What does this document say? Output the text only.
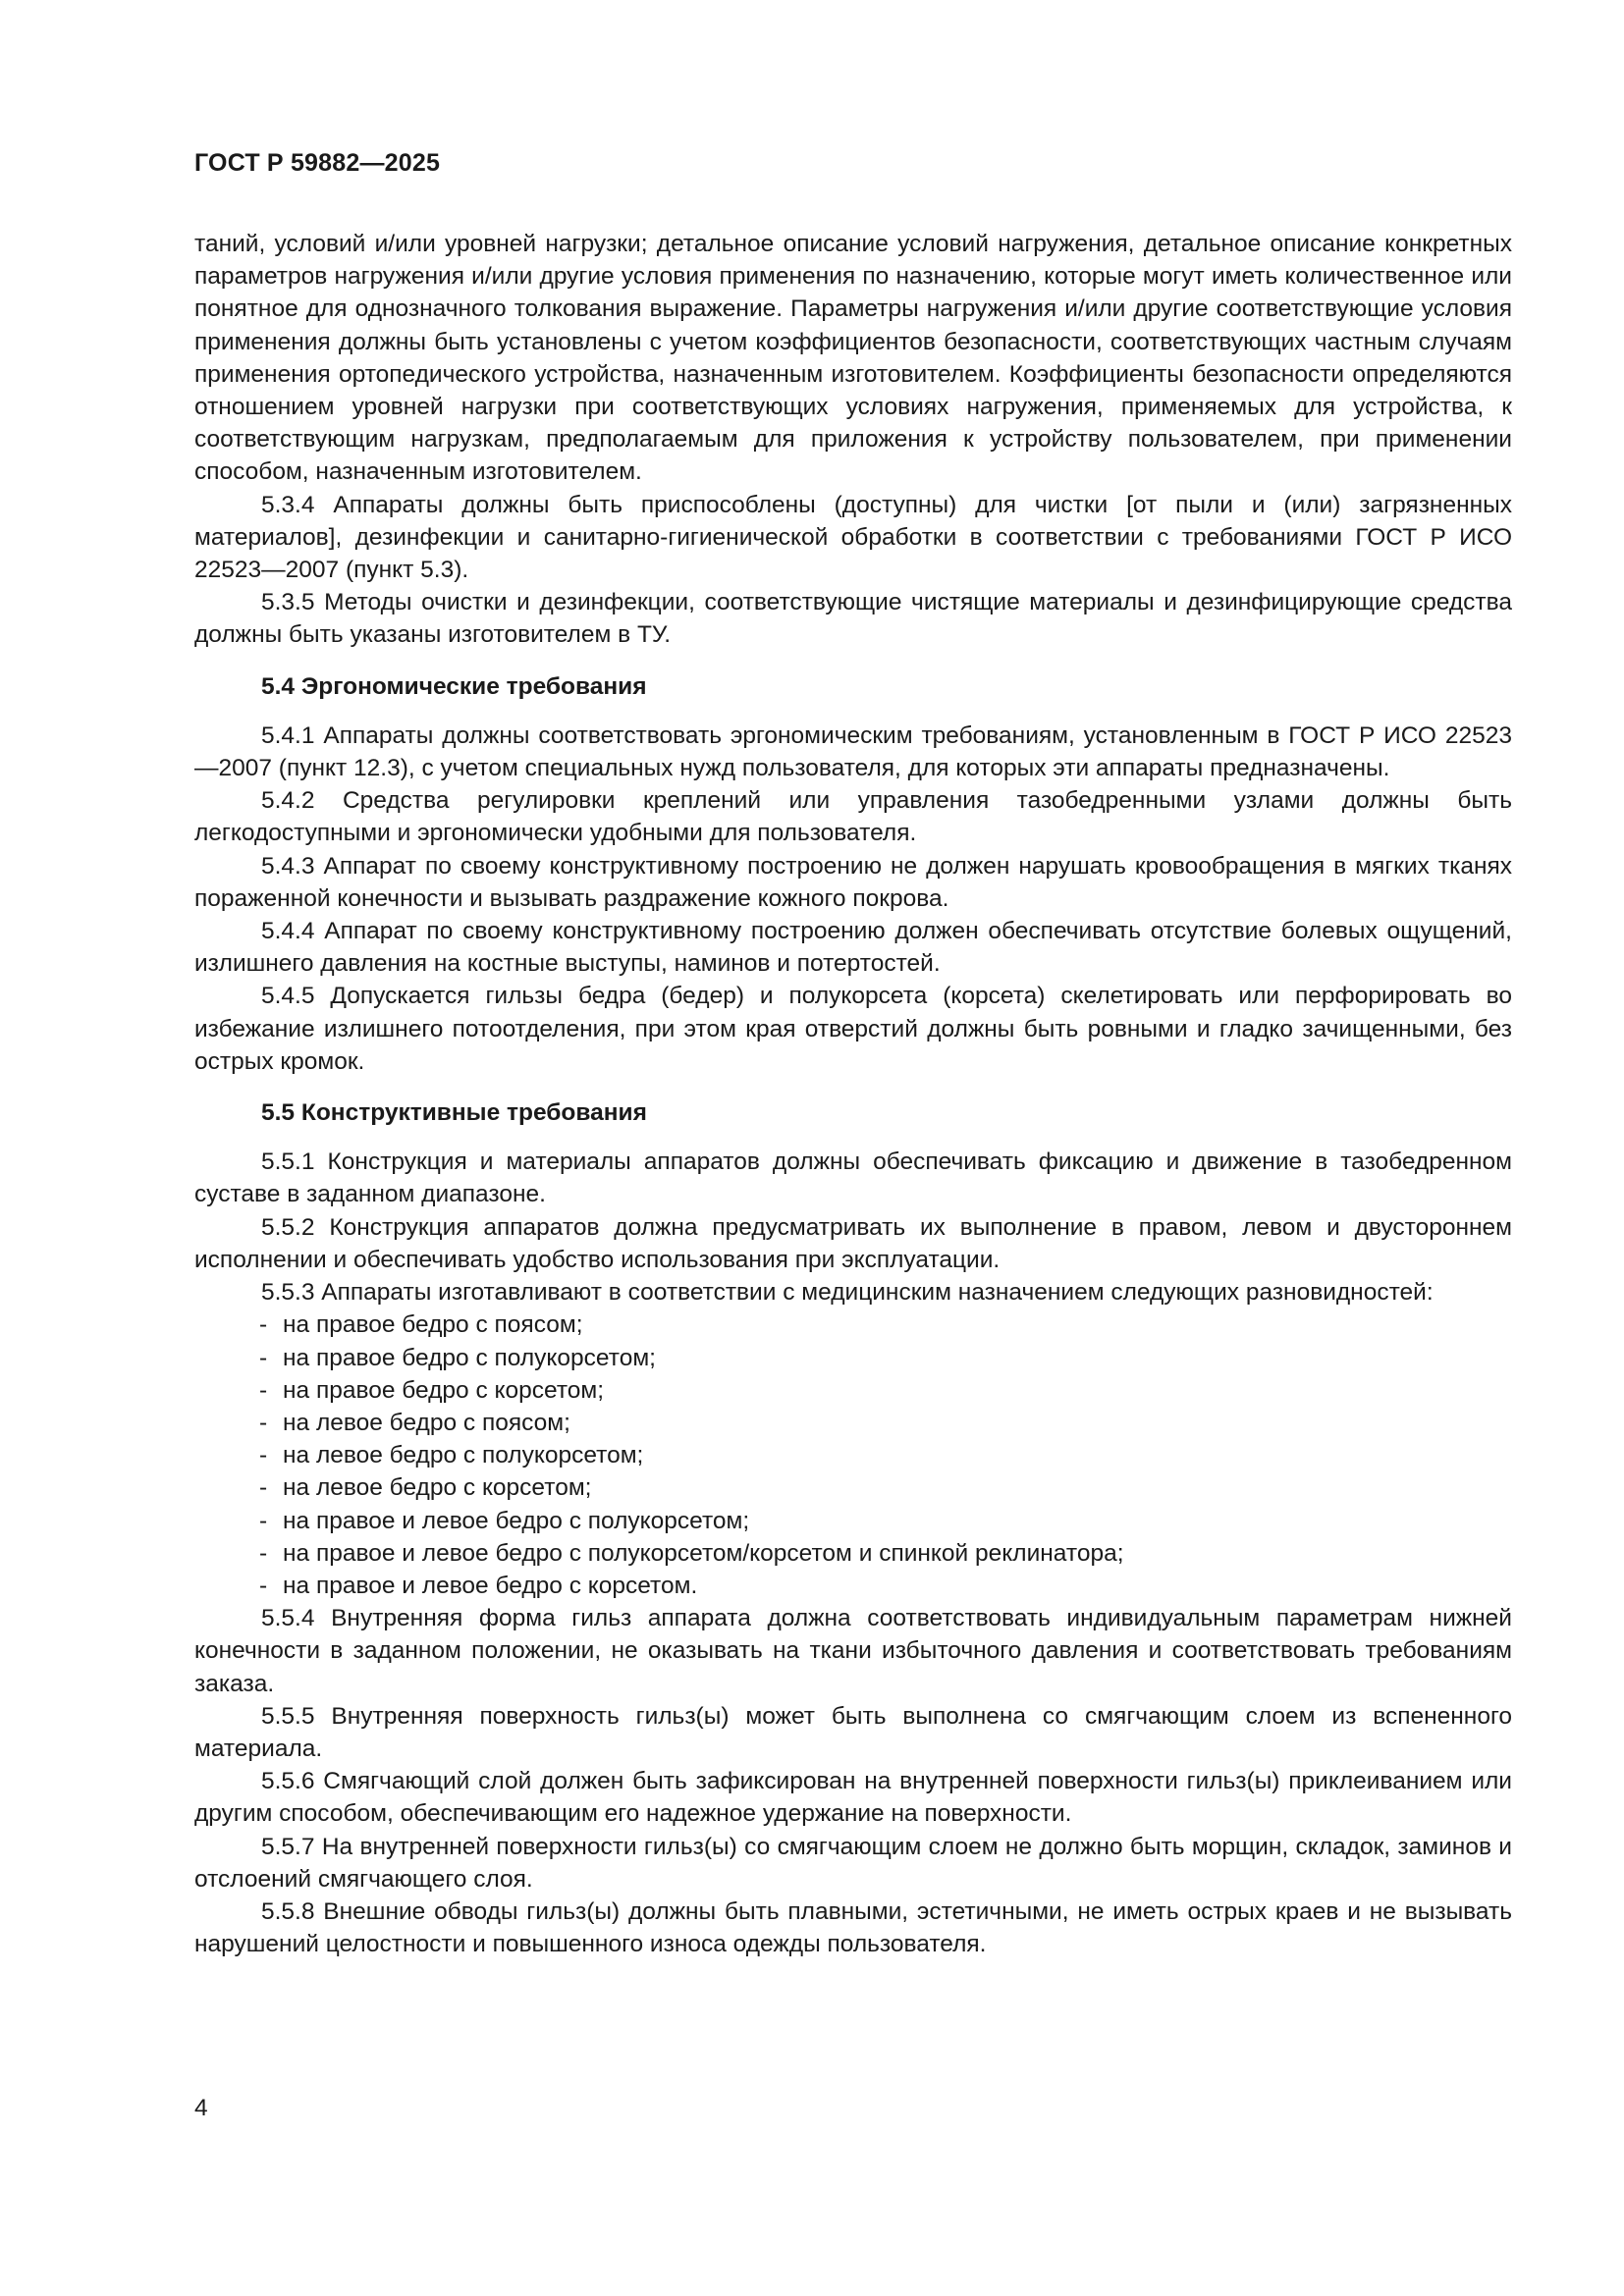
ГОСТ Р 59882—2025

таний, условий и/или уровней нагрузки; детальное описание условий нагружения, детальное описание конкретных параметров нагружения и/или другие условия применения по назначению, которые могут иметь количественное или понятное для однозначного толкования выражение. Параметры нагружения и/или другие соответствующие условия применения должны быть установлены с учетом коэффициентов безопасности, соответствующих частным случаям применения ортопедического устройства, назначенным изготовителем. Коэффициенты безопасности определяются отношением уровней нагрузки при соответствующих условиях нагружения, применяемых для устройства, к соответствующим нагрузкам, предполагаемым для приложения к устройству пользователем, при применении способом, назначенным изготовителем.

5.3.4 Аппараты должны быть приспособлены (доступны) для чистки [от пыли и (или) загрязненных материалов], дезинфекции и санитарно-гигиенической обработки в соответствии с требованиями ГОСТ Р ИСО 22523—2007 (пункт 5.3).

5.3.5 Методы очистки и дезинфекции, соответствующие чистящие материалы и дезинфицирующие средства должны быть указаны изготовителем в ТУ.

5.4 Эргономические требования

5.4.1 Аппараты должны соответствовать эргономическим требованиям, установленным в ГОСТ Р ИСО 22523—2007 (пункт 12.3), с учетом специальных нужд пользователя, для которых эти аппараты предназначены.

5.4.2 Средства регулировки креплений или управления тазобедренными узлами должны быть легкодоступными и эргономически удобными для пользователя.

5.4.3 Аппарат по своему конструктивному построению не должен нарушать кровообращения в мягких тканях пораженной конечности и вызывать раздражение кожного покрова.

5.4.4 Аппарат по своему конструктивному построению должен обеспечивать отсутствие болевых ощущений, излишнего давления на костные выступы, наминов и потертостей.

5.4.5 Допускается гильзы бедра (бедер) и полукорсета (корсета) скелетировать или перфорировать во избежание излишнего потоотделения, при этом края отверстий должны быть ровными и гладко зачищенными, без острых кромок.

5.5 Конструктивные требования

5.5.1 Конструкция и материалы аппаратов должны обеспечивать фиксацию и движение в тазобедренном суставе в заданном диапазоне.

5.5.2 Конструкция аппаратов должна предусматривать их выполнение в правом, левом и двустороннем исполнении и обеспечивать удобство использования при эксплуатации.

5.5.3 Аппараты изготавливают в соответствии с медицинским назначением следующих разновидностей:

- на правое бедро с поясом;
- на правое бедро с полукорсетом;
- на правое бедро с корсетом;
- на левое бедро с поясом;
- на левое бедро с полукорсетом;
- на левое бедро с корсетом;
- на правое и левое бедро с полукорсетом;
- на правое и левое бедро с полукорсетом/корсетом и спинкой реклинатора;
- на правое и левое бедро с корсетом.

5.5.4 Внутренняя форма гильз аппарата должна соответствовать индивидуальным параметрам нижней конечности в заданном положении, не оказывать на ткани избыточного давления и соответствовать требованиям заказа.

5.5.5 Внутренняя поверхность гильз(ы) может быть выполнена со смягчающим слоем из вспененного материала.

5.5.6 Смягчающий слой должен быть зафиксирован на внутренней поверхности гильз(ы) приклеиванием или другим способом, обеспечивающим его надежное удержание на поверхности.

5.5.7 На внутренней поверхности гильз(ы) со смягчающим слоем не должно быть морщин, складок, заминов и отслоений смягчающего слоя.

5.5.8 Внешние обводы гильз(ы) должны быть плавными, эстетичными, не иметь острых краев и не вызывать нарушений целостности и повышенного износа одежды пользователя.

4
